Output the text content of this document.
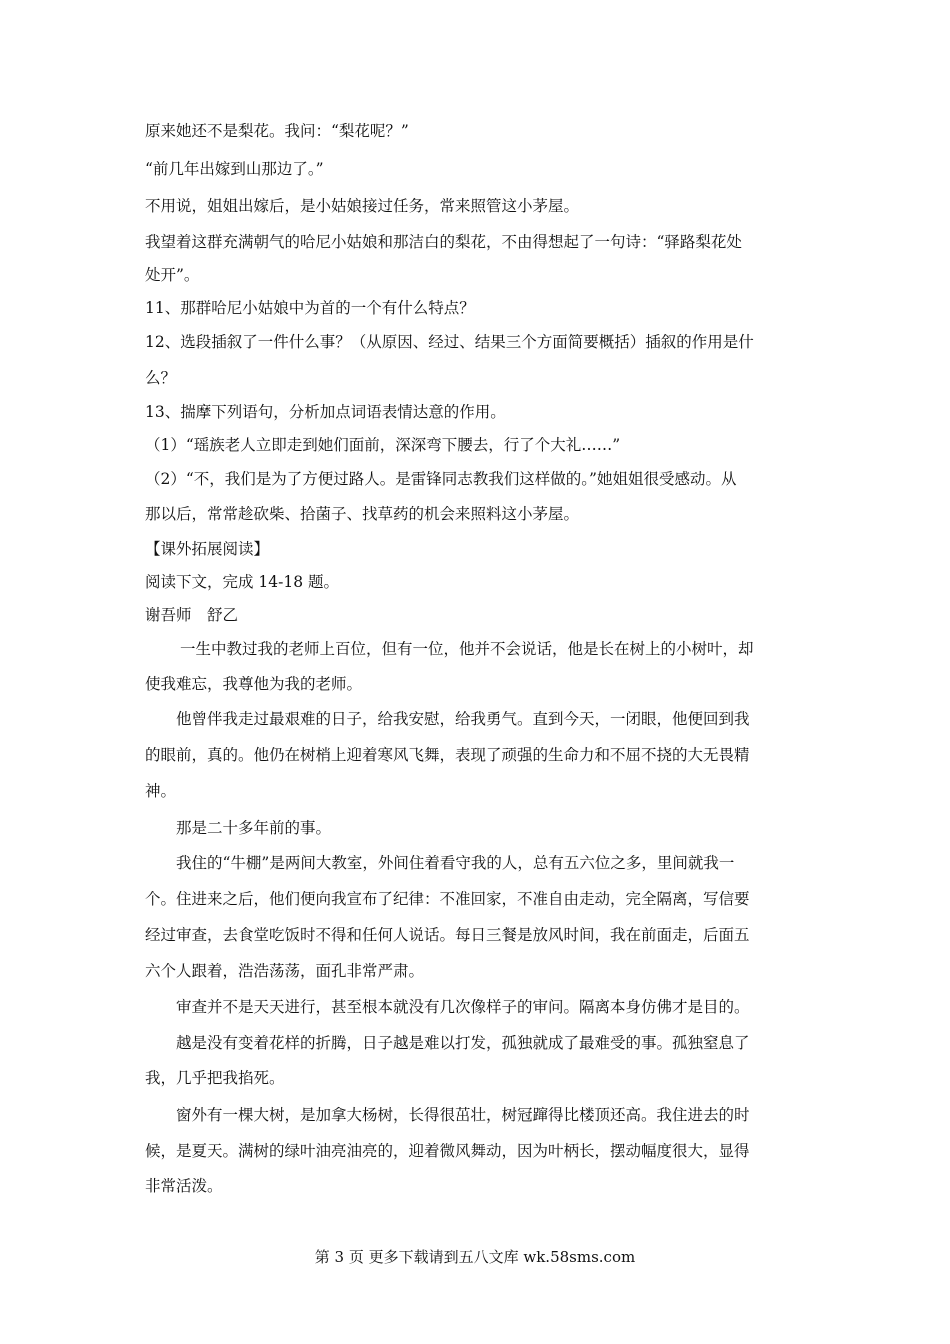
原来她还不是梨花。我问：“梨花呢？”

“前几年出嫁到山那边了。”

不用说，姐姐出嫁后，是小姑娘接过任务，常来照管这小茅屋。

我望着这群充满朝气的哈尼小姑娘和那洁白的梨花，不由得想起了一句诗：“驿路梨花处

处开”。

11、那群哈尼小姑娘中为首的一个有什么特点？

12、选段插叙了一件什么事？（从原因、经过、结果三个方面简要概括）插叙的作用是什

么？

13、揣摩下列语句，分析加点词语表情达意的作用。

（1）“瑶族老人立即走到她们面前，深深弯下腰去，行了个大礼……”

（2）“不，我们是为了方便过路人。是雷锋同志教我们这样做的。”她姐姐很受感动。从

那以后，常常趁砍柴、拾菌子、找草药的机会来照料这小茅屋。

【课外拓展阅读】

阅读下文，完成 14-18 题。

谢吾师　舒乙

一生中教过我的老师上百位，但有一位，他并不会说话，他是长在树上的小树叶，却

使我难忘，我尊他为我的老师。

他曾伴我走过最艰难的日子，给我安慰，给我勇气。直到今天，一闭眼，他便回到我

的眼前，真的。他仍在树梢上迎着寒风飞舞，表现了顽强的生命力和不屈不挠的大无畏精

神。

那是二十多年前的事。

我住的“牛棚”是两间大教室，外间住着看守我的人，总有五六位之多，里间就我一

个。住进来之后，他们便向我宣布了纪律：不准回家，不准自由走动，完全隔离，写信要

经过审查，去食堂吃饭时不得和任何人说话。每日三餐是放风时间，我在前面走，后面五

六个人跟着，浩浩荡荡，面孔非常严肃。

审查并不是天天进行，甚至根本就没有几次像样子的审问。隔离本身仿佛才是目的。

越是没有变着花样的折腾，日子越是难以打发，孤独就成了最难受的事。孤独窒息了

我，几乎把我掐死。

窗外有一棵大树，是加拿大杨树，长得很茁壮，树冠蹿得比楼顶还高。我住进去的时

候，是夏天。满树的绿叶油亮油亮的，迎着微风舞动，因为叶柄长，摆动幅度很大，显得

非常活泼。

第 3 页 更多下载请到五八文库 wk.58sms.com
